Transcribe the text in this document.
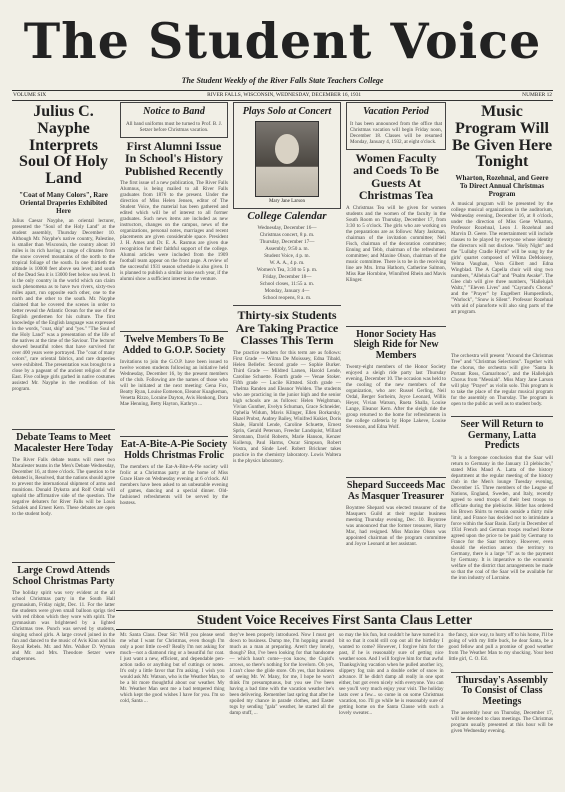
The Student Voice
The Student Weekly of the River Falls State Teachers College
VOLUME SIX	RIVER FALLS, WISCONSIN, WEDNESDAY, DECEMBER 16, 1931	NUMBER 12
Julius C. Nayphe Interprets Soul Of Holy Land
"Coat of Many Colors", Rare Oriental Draperies Exhibited Here

Julius Caesar Nayphe, an oriental lecturer, presented the "Soul of the Holy Land" at the student assembly, Thursday December 10. Although Mr. Nayphe's native country, Palestine, is smaller than Wisconsin, the country about 10 miles is its rich having a range of climates from the snow covered mountains of the north to the tropical foliage of the south. In one thirtieth the altitude is 10000 feet above sea level; and south of the Dead Sea it is 13000 feet below sea level. It is the only country in the world which can claim such phenomena as to have two rivers, sixty-two miles apart, run opposite each other, one to the north and the other to the south. Mr. Nayphe claimed that he covered the scenes in order to better reveal the Atlantic Ocean for the use of the English gentlemen for his culture. The first knowledge of the English language was expressed in the words, "coat, ship" and "yes." "The Soul of the Holy Land" was a presentation of the life of the natives at the time of the Saviour. The lecturer showed beautiful robes that have survived for over 400 years were portrayed. The "coat of many colors", rare oriental fabrics, and rare draperies were exhibited. The presentation was brought to a close by a pageant of the ancient religion of the East. Five college girls garbed in native costumes assisted Mr. Nayphe in the rendition of his program.

Debate Teams to Meet Macalester Here Today

The River Falls debate teams will meet two Macalester teams in the Men's Debate Wednesday, December 16, at three o'clock. The question to be debated is, Resolved, that the nations should agree to prevent the international shipment of arms and munitions. Donald Dykstra and Rolf Ordal will uphold the affirmative side of the question. The negative debaters for River Falls will be Louis Schalek and Ernest Kern. These debates are open to the student body.

Large Crowd Attends School Christmas Party

The holiday spirit was very evident at the all school Christmas party in the South Hall gymnasium, Friday night, Dec. 11. For the latter the students were given small balloon sprigs tied with red ribbon which they wore with spirit. The gymnasium was brightened by a lighted Christmas tree. Punch was served by students, singing school girls. A large crowd joined in the fun and danced to the music of Avis Kinn and his Royal Rebels. Mr. and Mrs. Walker D. Wyman and Mr. and Mrs. Theodore Setzer were chaperones.

Notice to Band

All band uniforms must be turned to Prof. B. J. Setzer before Christmas vacation.

First Alumni Issue In School's History Published Recently

The first issue of a new publication, The River Falls Alumnus, is being mailed to all River Falls graduates from 1876 to the present. Under the direction of Miss Helen Jensen, editor of The Student Voice, the material has been gathered and edited which will be of interest to all former graduates. Such news items are included as new instructors, changes on the campus, news of the organizations, personal notes, marriages and recent placements are given considerable space. President J. H. Ames and Dr. E. A. Rasmus are given due recognition for their faithful support of the college. Alumni articles were included from the 1909 football team appear on the front page. A review of the successful 1931 season schedule is also given. It is planned to publish a similar issue each year, if the alumni show a sufficient interest in the venture.

Twelve Members To Be Added to G.O.P. Society

Invitations to join the G.O.P. have been issued to twelve women students following an initiative held Wednesday, December 16, by the present members of the club. Following are the names of those who will be initiated at the next meeting: Gena Fox, Beatty Ryan, Louise Eomenon, Eleanor Kuagkeman, Venetta Rizzo, Loraine Dayton, Avis Honkong, Dora Mae Henning, Betty Hayton, Kathryn ...

Eat-A-Bite-A-Pie Society Holds Christmas Frolic

The members of the Eat-A-Bite-A-Pie society will frolic at a Christmas party at the home of Miss Grace Hare on Wednesday evening at 6 o'clock. All members have been asked to an unbeatable evening of games, dancing and a special dinner. Old-fashioned refreshments will be served by the hostess.

Plays Solo at Concert
Mary Jane Larson
College Calendar
Wednesday, December 16—
Christmas concert, 8 p. m.
Thursday, December 17—
Assembly, 9:50 a. m.
Student Voice, 4 p. m.
W. A. A., 4 p. m.
Women's Tea, 3:30 to 5 p. m.
Friday, December 18—
School closes, 11:55 a. m.
Monday, January 4—
School reopens, 8 a. m.
Thirty-six Students Are Taking Practice Classes This Term

The practice teachers for this term are as follows: First Grade — Wilma De Moisssey, Edna Tibald, Helen Bellefer. Second grade — Sophie Burker. Third Grade — Mildred Larsen, Harold Lende, Caroline Schuette. Fourth grade — Venae Stoker. Fifth grade — Lucile Kittsted. Sixth grade — Thelma Randen and Eleanor Wolden. The students who are practicing in the junior high and the senior high schools are as follows: Helen Weightman, Vivian Gunther, Evelyn Schuman, Grace Schneider, Ophelia Widum, Mavis Klinger, Ellen Borkarsky, Hazel Probst, Audrey Bailey, Winifred Kukiet, Doris Shale, Harold Lende, Caroline Schuette, Ernest Sprin, Gerald Peterson, Freedor Landquist, Willard Stromann, David Roberts, Marie Hanson, Kenzer Kollerup, Paul Harms, Oscar Simpson, Robert Vostra, and Sinde Leef. Robert Brickner takes practice in the chemistry laboratory. Lowis Waltera is the physics laboratory.

Vacation Period

It has been announced from the office that Christmas vacation will begin Friday noon, December 18. Classes will be resumed Monday, January 4, 1932, at eight o'clock.

Women Faculty and Coeds To Be Guests At Christmas Tea

A Christmas Tea will be given for women students and the women of the faculty in the South Room on Thursday, December 17, from 3:30 to 5 o'clock. The girls who are working on the preparations are as follows: Mary Jaskman, chairman of the invitation committee; Nell Fisch, chairman of the decoration committee; Enning and Tebb, chairman of the refreshment committee; and Maxine Olson, chairman of the music committee. There is to be in the receiving line are Mrs. Irma Hathorn, Catherine Salmon, Miss Rae Hornbine, Winnifred Rhein and Mavis Klinger.

Honor Society Has Sleigh Ride for New Members

Twenty-eight members of the Honor Society enjoyed a sleigh ride party last Thursday evening, December 10. The occasion was held to the cooling of the new members of the organization, who are: Russel Gerling, Neil Ordal, Berger Sorheim, Joyce Leonard, Willis Heyer, Vivian Watson, Rueta Shalla, Louise Lange, Eleanor Kern. After the sleigh ride the group returned to the home for refreshments in the college cafeteria by Hope Lakeve, Louise Sveenson, and Edna Wolf.

Shepard Succeeds Mac As Masquer Treasurer

Boyntree Shepard was elected treasurer of the Masquers Guild at their regular business meeting Thursday evening, Dec. 10. Boyntree was announced that the former treasurer, Harry Mac, had resigned. Miss Maxine Olson was appointed chairman of the program committee and Joyce Leonard at her assistant.

Music Program Will Be Given Here Tonight
Wharton, Rozehnal, and Geere To Direct Annual Christmas Program

A musical program will be presented by the college musical organizations in the auditorium, Wednesday evening, December 16, at 8 o'clock, under the direction of Miss Gene Wharton, Professor Rozehnal, Leon J. Rozehnal and Marvin D. Geere. The entertainment will include classes to be played by everyone whose identity the directors will not disclose. "Holy Night" and the "Lullaby Cradle Hymn" will be sung by the girls' quartet composed of Wilma DeMoissey, Velma Vaughan, Vera Gilbert and Edna Wingblad. The A Capella choir will sing two numbers, "Alleluia Gal" and "Psalm Awake". The Glee club will give three numbers, "Hallelujah Waltz," "Eleven Lives" and "Cayrand's Chorus" and the "Prayer" by Engelbert Humperdinck, "Warlock", "Snow is Silent". Professor Rozehnal with aid of pianoforte will also sing parts of the art program.

The orchestra will present "Around the Christmas Tree" and "Christmas Selections". Together with the chorus, the orchestra will give "Santa Is Portant Ross, Gamaritono", and the Hallelujah Chorus from "Messiah". Miss Mary Jane Larson will play "Prayer" as violin solo. This program is to take the place of the regular musical program for the assembly on Thursday. The program is open to the public as well as to student body.

Seer Will Return to Germany, Latta Predicts

"It is a foregone conclusion that the Saar will return to Germany in the January 13 plebiscite," stated Miss Maud A. Latta of the history department at the regular meeting of the history club in the Men's lounge Tuesday evening, December 15. Three members of the League of Nations, England, Sweden, and Italy, recently agreed to send troops of their best troops to officiate during the plebiscite. Hitler has ordered his Brown Shirts to remain outside a thirty mile limit, and France has decided not to intimidate a force within the Saar Basin. Early in December of 1934 French and German troops reached Rome agreed upon the price to be paid by Germany to France for the Saar territory. However, even should the election annex the territory to Germany, there is a large "if" as to the payment by Germany. It is imperative to the economic welfare of the district that arrangements be made so that the coal of the Saar will be available for the iron industry of Lorraine.

Thursday's Assembly To Consist of Class Meetings

The assembly hour on Thursday, December 17, will be devoted to class meetings. The Christmas program usually presented at this hour will be given Wednesday evening.

Student Voice Receives First Santa Claus Letter

Mr. Santa Claus. Dear Sir: Will you please send me what I want for Christmas, even though I'm only a poor little co-ed? Really I'm not asking for much—not a diamond ring or a beautiful fur coat. I just want a new, efficient, and dependable pen-action radio or anything but of cuttings or notes. It's only a little favor that I'm asking. I wish you would ask Mr. Watson, who is the Weather Man, to be a bit more thoughtful about our weather. My Mr. Weather Man sent me a bad tempered thing which kept the good wishes I have for you. I'm so cold, Santa ...

they've been properly introduced. Now I must get down to business. Dump me, I'm hopping around much as a man at preparing. Aren't they lonely, though? But, I've been looking for that handsome— which hasn't come—you know, the Cupid's arrows, so there's nothing for the lovelorn. Oh yes, I can't close the glide store. Oh yes, that business of seeing Mr. W. Many, for me, I hope he won't think I'm presumptuous, but you see I've been having a bad time with the vacation weather he's been delivering. Remember last spring that after he spoiled my chance in parade clothes, and Easter togs by sending "gala" weather, he started all the damp stuff, ...

so may the his fun, but couldn't he have turned it a bit so that it could still cop out all the birthday I wanted to come? However, I forgive him for the past, if he is reasonably sure of getting nice weather soon. And I will forgive him for that awful Thanksgiving vacation when he pulled another icy, slippery fog rain and a double order of snow in advance. If he didn't damp all really in one spot either, but got even nicely with everyone. You can see you'll very much enjoy your visit. The holiday lasts over a few... so come in on some Christmas vacation, too. I'll go while he is reasonably sure of getting home on the Santa Clause with such a lovely sweater...

the fancy, nice way, to hurry off to his home, I'll be going of with my little buck, he dear Santa, be a good fellow and pull a promise of good weather from The Weather Man to my shocking. Your best little girl, C. O. Ed.
